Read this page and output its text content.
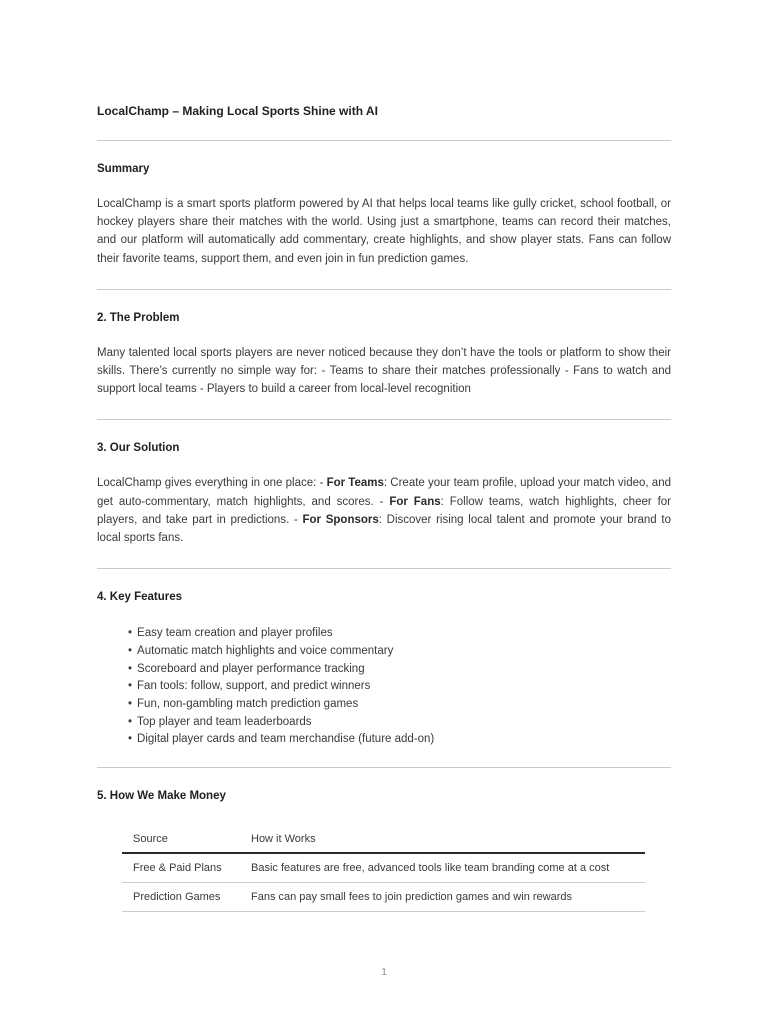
LocalChamp – Making Local Sports Shine with AI
Summary

LocalChamp is a smart sports platform powered by AI that helps local teams like gully cricket, school football, or hockey players share their matches with the world. Using just a smartphone, teams can record their matches, and our platform will automatically add commentary, create highlights, and show player stats. Fans can follow their favorite teams, support them, and even join in fun prediction games.

2. The Problem

Many talented local sports players are never noticed because they don’t have the tools or platform to show their skills. There’s currently no simple way for: - Teams to share their matches professionally - Fans to watch and support local teams - Players to build a career from local-level recognition

3. Our Solution

LocalChamp gives everything in one place: - For Teams: Create your team profile, upload your match video, and get auto-commentary, match highlights, and scores. - For Fans: Follow teams, watch highlights, cheer for players, and take part in predictions. - For Sponsors: Discover rising local talent and promote your brand to local sports fans.

4. Key Features
• Easy team creation and player profiles
• Automatic match highlights and voice commentary
• Scoreboard and player performance tracking
• Fan tools: follow, support, and predict winners
• Fun, non-gambling match prediction games
• Top player and team leaderboards
• Digital player cards and team merchandise (future add-on)
5. How We Make Money
Source	How it Works
Free & Paid Plans	Basic features are free, advanced tools like team branding come at a cost
Prediction Games	Fans can pay small fees to join prediction games and win rewards
1
